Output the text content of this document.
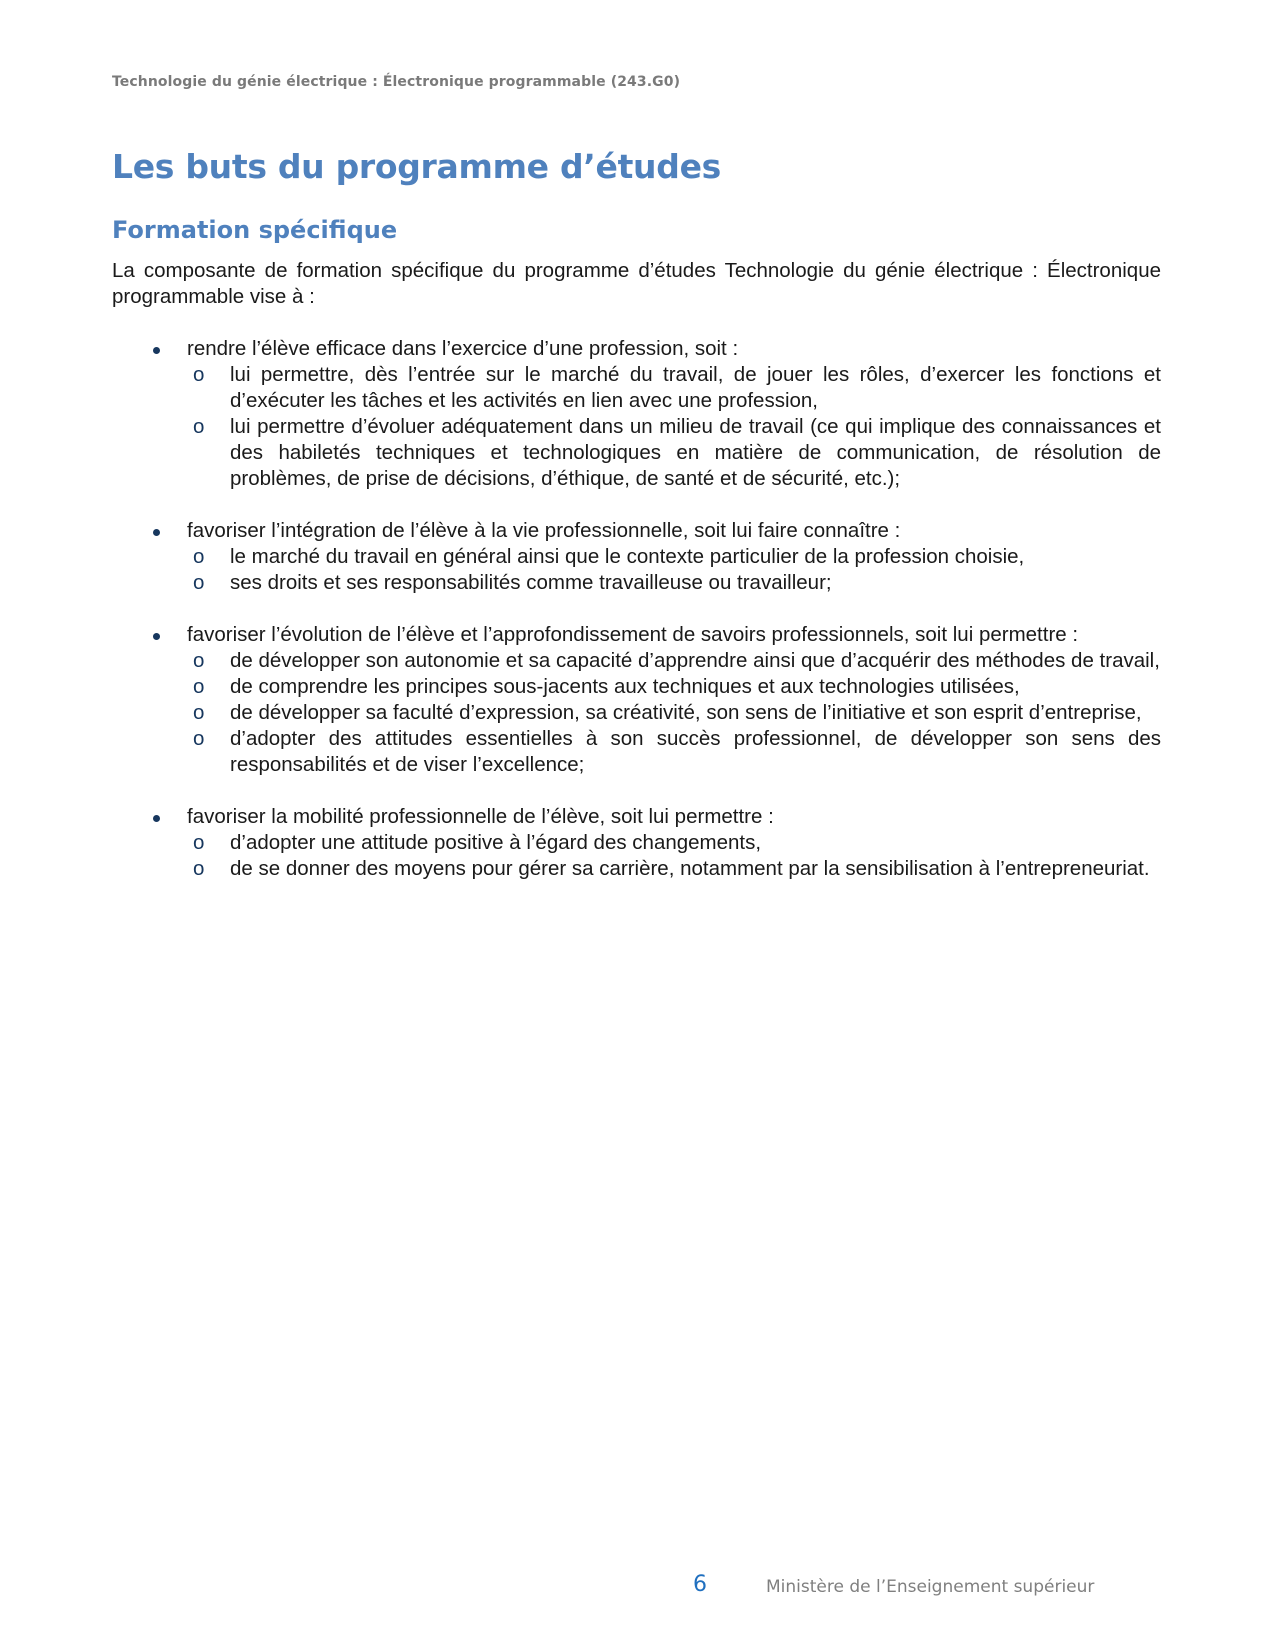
Technologie du génie électrique : Électronique programmable (243.G0)
Les buts du programme d’études
Formation spécifique

La composante de formation spécifique du programme d’études Technologie du génie électrique : Électronique programmable vise à :

rendre l’élève efficace dans l’exercice d’une profession, soit :
o lui permettre, dès l’entrée sur le marché du travail, de jouer les rôles, d’exercer les fonctions et d’exécuter les tâches et les activités en lien avec une profession,
o lui permettre d’évoluer adéquatement dans un milieu de travail (ce qui implique des connaissances et des habiletés techniques et technologiques en matière de communication, de résolution de problèmes, de prise de décisions, d’éthique, de santé et de sécurité, etc.);
favoriser l’intégration de l’élève à la vie professionnelle, soit lui faire connaître :
o le marché du travail en général ainsi que le contexte particulier de la profession choisie,
o ses droits et ses responsabilités comme travailleuse ou travailleur;
favoriser l’évolution de l’élève et l’approfondissement de savoirs professionnels, soit lui permettre :
o de développer son autonomie et sa capacité d’apprendre ainsi que d’acquérir des méthodes de travail,
o de comprendre les principes sous-jacents aux techniques et aux technologies utilisées,
o de développer sa faculté d’expression, sa créativité, son sens de l’initiative et son esprit d’entreprise,
o d’adopter des attitudes essentielles à son succès professionnel, de développer son sens des responsabilités et de viser l’excellence;
favoriser la mobilité professionnelle de l’élève, soit lui permettre :
o d’adopter une attitude positive à l’égard des changements,
o de se donner des moyens pour gérer sa carrière, notamment par la sensibilisation à l’entrepreneuriat.
6	Ministère de l’Enseignement supérieur
